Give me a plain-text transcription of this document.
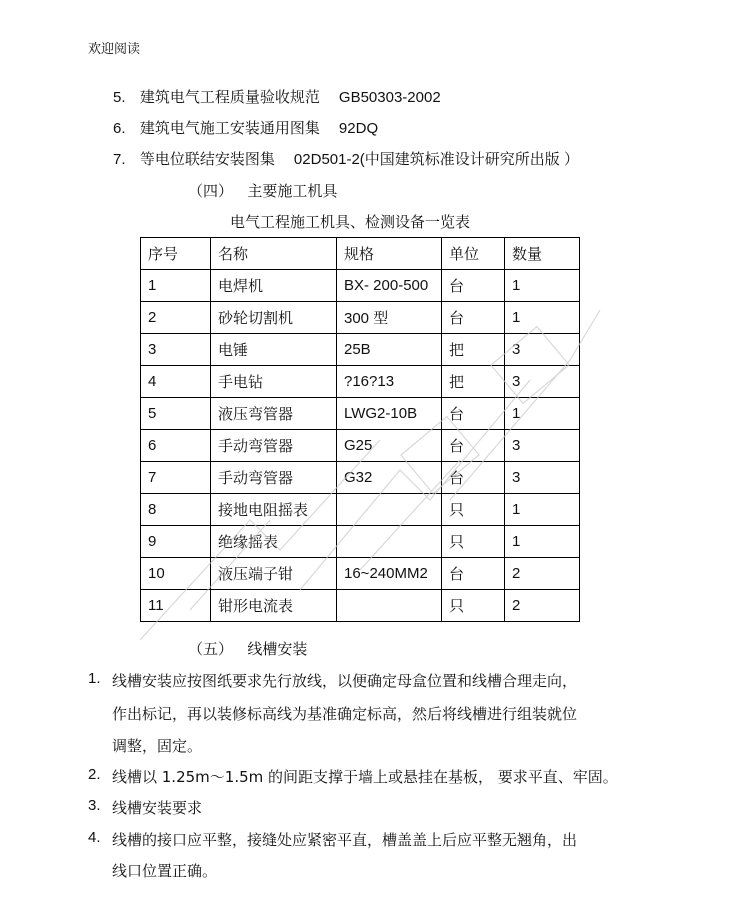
欢迎阅读
5. 建筑电气工程质量验收规范 GB50303-2002
6. 建筑电气施工安装通用图集 92DQ
7. 等电位联结安装图集 02D501-2(中国建筑标准设计研究所出版 ）
（四） 主要施工机具
电气工程施工机具、检测设备一览表
序号	名称	规格	单位	数量
1	电焊机	BX- 200-500	台	1
2	砂轮切割机	300 型	台	1
3	电锤	25B	把	3
4	手电钻	?16?13	把	3
5	液压弯管器	LWG2-10B	台	1
6	手动弯管器	G25	台	3
7	手动弯管器	G32	台	3
8	接地电阻摇表		只	1
9	绝缘摇表		只	1
10	液压端子钳	16~240MM2	台	2
11	钳形电流表		只	2
（五） 线槽安装
1. 线槽安装应按图纸要求先行放线，以便确定母盒位置和线槽合理走向，
作出标记，再以装修标高线为基准确定标高，然后将线槽进行组装就位
调整，固定。
2. 线槽以 1.25m～1.5m 的间距支撑于墙上或悬挂在基板， 要求平直、牢固。
3. 线槽安装要求
4. 线槽的接口应平整，接缝处应紧密平直，槽盖盖上后应平整无翘角，出
线口位置正确。
